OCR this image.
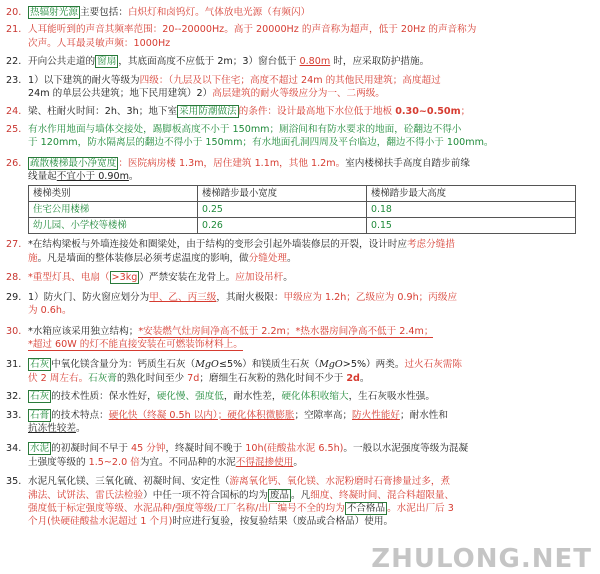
20. 热辐射光源 主要包括：白炽灯和卤钨灯。气体放电光源（有频闪）
21. 人耳能听到的声音其频率范围：20--20000Hz。高于 20000Hz 的声音称为超声，低于 20Hz 的声音称为
次声。人耳最灵敏声频：1000Hz
22. 开向公共走道的 窗扇 ，其底面高度不应低于 2m；3）窗台低于 0.80m 时，应采取防护措施。
23. 1）以下建筑的耐火等级为四级：（九层及以下住宅；高度不超过 24m 的其他民用建筑；高度超过
24m 的单层公共建筑；地下民用建筑）2）高层建筑的耐火等级应分为一、二两级。
24. 梁、柱耐火时间：2h、3h；地下室 采用防潮做法 的条件：设计最高地下水位低于地板 0.30~0.50m；
25. 有水作用地面与墙体交接处，踢脚板高度不小于 150mm；厕浴间和有防水要求的地面，砼翻边不得小
于 120mm，防水隔离层的翻边不得小于 150mm；有水地面孔洞四周及平台临边，翻边不得小于 100mm。
26. 疏散楼梯最小净宽度 ：医院病房楼 1.3m，居住建筑 1.1m，其他 1.2m。室内楼梯扶手高度自踏步前缘
线量起不宜小于 0.90m。
楼梯类别	楼梯踏步最小宽度	楼梯踏步最大高度
住宅公用楼梯	0.25	0.18
幼儿园、小学校等楼梯	0.26	0.15
27. *在结构梁板与外墙连接处和圈梁处，由于结构的变形会引起外墙装修层的开裂，设计时应考虑分缝措
施。凡是墙面的整体装修层必须考虑温度的影响，做分缝处理。
28. *重型灯具、电扇（ >3kg ）严禁安装在龙骨上。应加设吊杆。
29. 1）防火门、防火窗应划分为甲、乙、丙三级，其耐火极限：甲级应为 1.2h；乙级应为 0.9h；丙级应
为 0.6h。
30. *水箱应该采用独立结构；*安装燃气灶房间净高不低于 2.2m；*热水器房间净高不低于 2.4m；
*超过 60W 的灯不能直接安装在可燃装饰材料上。
31. 石灰 中氧化镁含量分为：钙质生石灰（MgO≤5%）和镁质生石灰（MgO>5%）两类。过火石灰需陈
伏 2 周左右。石灰膏的熟化时间至少 7d；磨细生石灰粉的熟化时间不少于 2d。
32. 石灰 的技术性质：保水性好，硬化慢、强度低，耐水性差，硬化体积收缩大，生石灰吸水性强。
33. 石膏 的技术特点：硬化快（终凝 0.5h 以内）；硬化体积微膨胀；空隙率高；防火性能好；耐水性和
抗冻性较差。
34. 水泥 的初凝时间不早于 45 分钟，终凝时间不晚于 10h(硅酸盐水泥 6.5h)。一般以水泥强度等级为混凝
土强度等级的 1.5~2.0 倍为宜。不同品种的水泥不得混掺使用。
35. 水泥凡氧化镁、三氧化硫、初凝时间、安定性（游离氧化钙、氧化镁、水泥粉磨时石膏掺量过多，煮
沸法、试饼法、雷氏法检验）中任一项不符合国标的均为 废品 。凡细度、终凝时间、混合料超限量、
强度低于标定强度等级、水泥品种/强度等级/工厂名称/出厂编号不全的均为 不合格品 。水泥出厂后 3
个月(快硬硅酸盐水泥超过 1 个月)时应进行复验，按复验结果（废品或合格品）使用。
ZHULONG.NET
